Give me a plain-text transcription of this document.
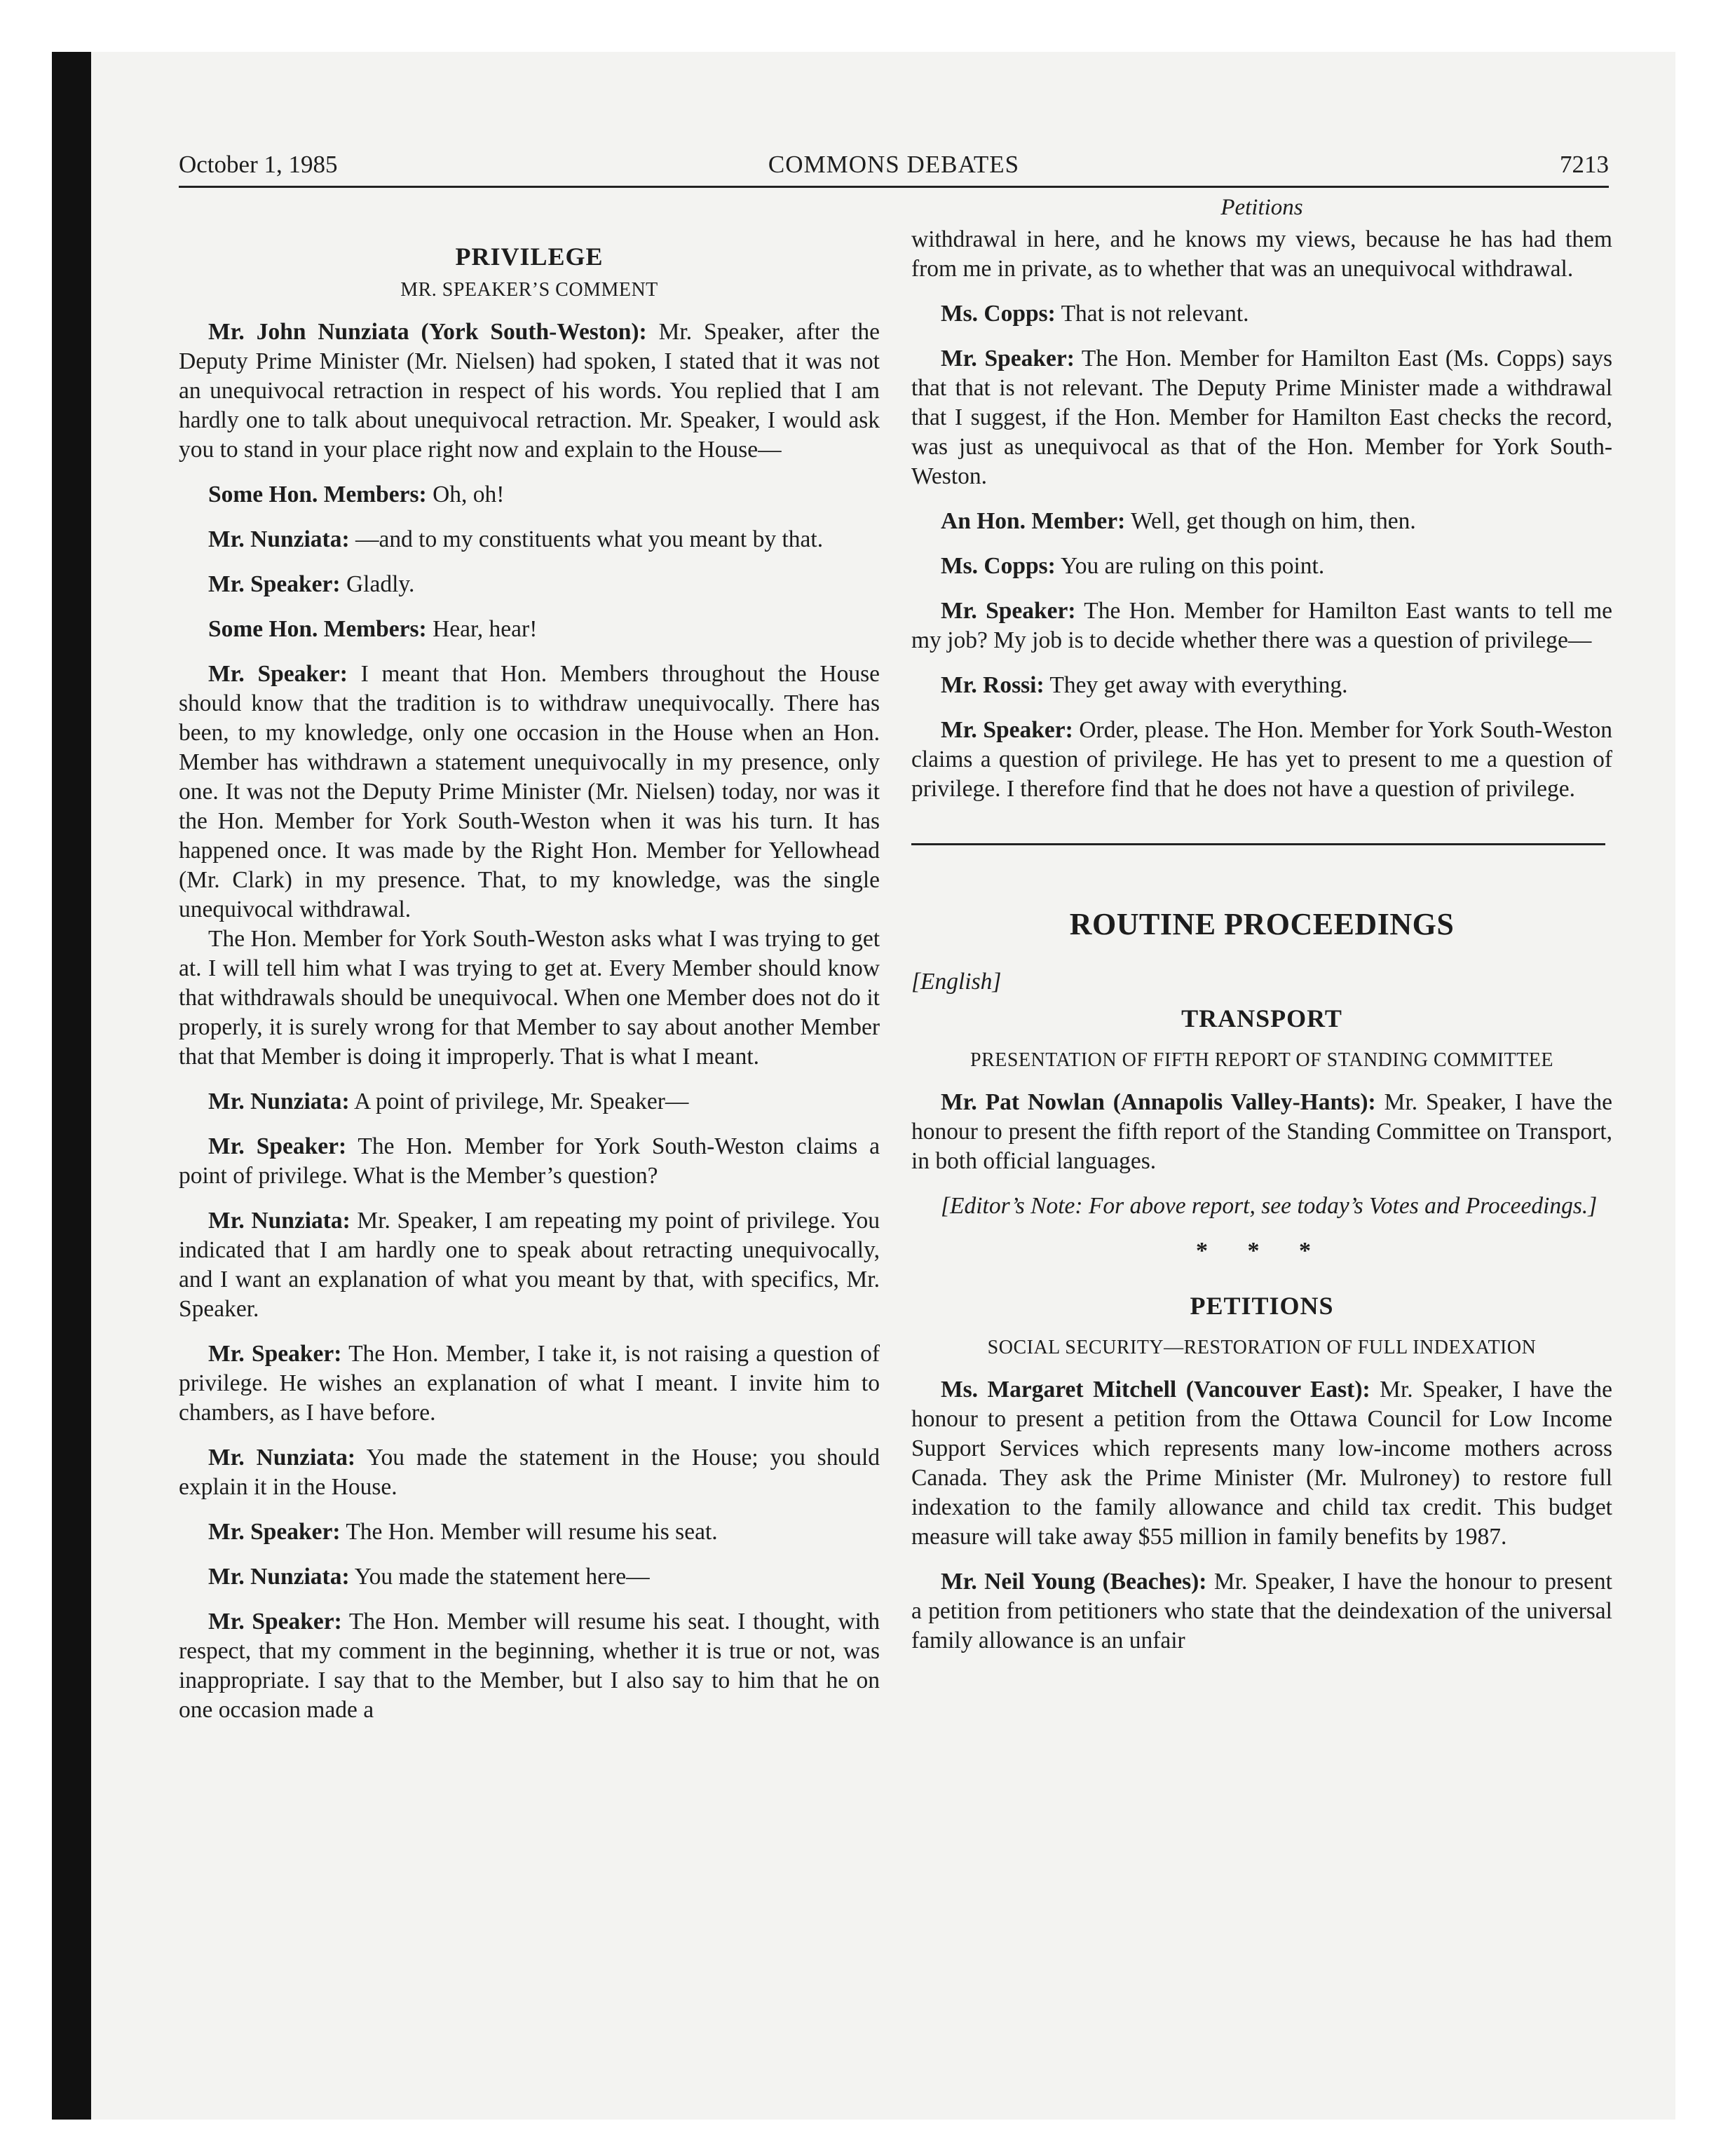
October 1, 1985	COMMONS DEBATES	7213
PRIVILEGE
MR. SPEAKER’S COMMENT

Mr. John Nunziata (York South-Weston): Mr. Speaker, after the Deputy Prime Minister (Mr. Nielsen) had spoken, I stated that it was not an unequivocal retraction in respect of his words. You replied that I am hardly one to talk about unequivocal retraction. Mr. Speaker, I would ask you to stand in your place right now and explain to the House—

Some Hon. Members: Oh, oh!

Mr. Nunziata: —and to my constituents what you meant by that.

Mr. Speaker: Gladly.

Some Hon. Members: Hear, hear!

Mr. Speaker: I meant that Hon. Members throughout the House should know that the tradition is to withdraw unequivocally. There has been, to my knowledge, only one occasion in the House when an Hon. Member has withdrawn a statement unequivocally in my presence, only one. It was not the Deputy Prime Minister (Mr. Nielsen) today, nor was it the Hon. Member for York South-Weston when it was his turn. It has happened once. It was made by the Right Hon. Member for Yellowhead (Mr. Clark) in my presence. That, to my knowledge, was the single unequivocal withdrawal.

The Hon. Member for York South-Weston asks what I was trying to get at. I will tell him what I was trying to get at. Every Member should know that withdrawals should be unequivocal. When one Member does not do it properly, it is surely wrong for that Member to say about another Member that that Member is doing it improperly. That is what I meant.

Mr. Nunziata: A point of privilege, Mr. Speaker—

Mr. Speaker: The Hon. Member for York South-Weston claims a point of privilege. What is the Member’s question?

Mr. Nunziata: Mr. Speaker, I am repeating my point of privilege. You indicated that I am hardly one to speak about retracting unequivocally, and I want an explanation of what you meant by that, with specifics, Mr. Speaker.

Mr. Speaker: The Hon. Member, I take it, is not raising a question of privilege. He wishes an explanation of what I meant. I invite him to chambers, as I have before.

Mr. Nunziata: You made the statement in the House; you should explain it in the House.

Mr. Speaker: The Hon. Member will resume his seat.

Mr. Nunziata: You made the statement here—

Mr. Speaker: The Hon. Member will resume his seat. I thought, with respect, that my comment in the beginning, whether it is true or not, was inappropriate. I say that to the Member, but I also say to him that he on one occasion made a

Petitions

withdrawal in here, and he knows my views, because he has had them from me in private, as to whether that was an unequivocal withdrawal.

Ms. Copps: That is not relevant.

Mr. Speaker: The Hon. Member for Hamilton East (Ms. Copps) says that that is not relevant. The Deputy Prime Minister made a withdrawal that I suggest, if the Hon. Member for Hamilton East checks the record, was just as unequivocal as that of the Hon. Member for York South-Weston.

An Hon. Member: Well, get though on him, then.

Ms. Copps: You are ruling on this point.

Mr. Speaker: The Hon. Member for Hamilton East wants to tell me my job? My job is to decide whether there was a question of privilege—

Mr. Rossi: They get away with everything.

Mr. Speaker: Order, please. The Hon. Member for York South-Weston claims a question of privilege. He has yet to present to me a question of privilege. I therefore find that he does not have a question of privilege.

ROUTINE PROCEEDINGS

[English]

TRANSPORT
PRESENTATION OF FIFTH REPORT OF STANDING COMMITTEE

Mr. Pat Nowlan (Annapolis Valley-Hants): Mr. Speaker, I have the honour to present the fifth report of the Standing Committee on Transport, in both official languages.

[Editor’s Note: For above report, see today’s Votes and Proceedings.]

* * *
PETITIONS
SOCIAL SECURITY—RESTORATION OF FULL INDEXATION

Ms. Margaret Mitchell (Vancouver East): Mr. Speaker, I have the honour to present a petition from the Ottawa Council for Low Income Support Services which represents many low-income mothers across Canada. They ask the Prime Minister (Mr. Mulroney) to restore full indexation to the family allowance and child tax credit. This budget measure will take away $55 million in family benefits by 1987.

Mr. Neil Young (Beaches): Mr. Speaker, I have the honour to present a petition from petitioners who state that the deindexation of the universal family allowance is an unfair
